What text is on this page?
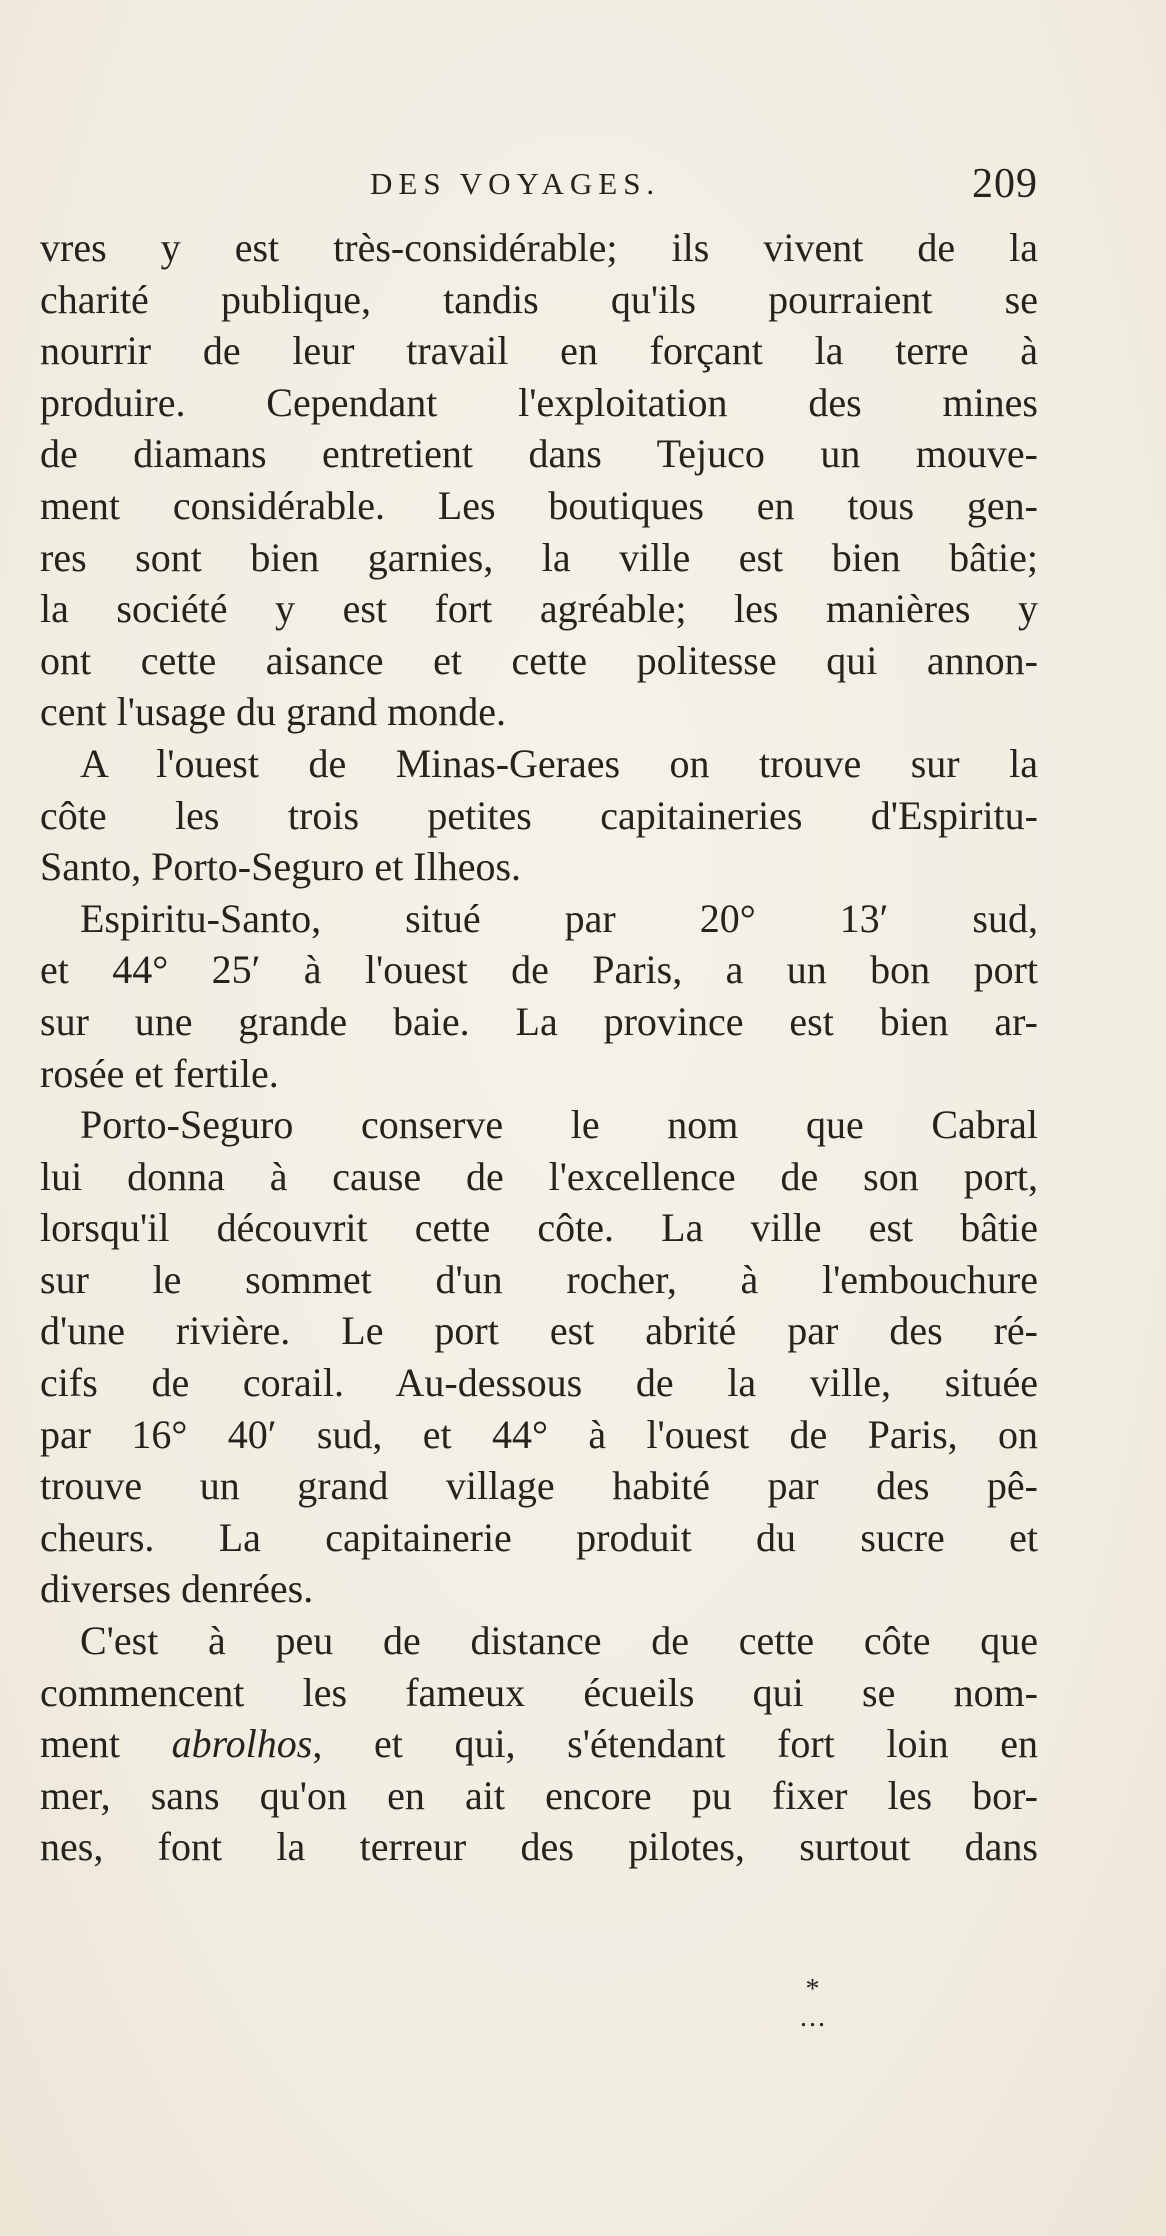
DES VOYAGES.	209
vres y est très-considérable; ils vivent de la
charité publique, tandis qu'ils pourraient se
nourrir de leur travail en forçant la terre à
produire. Cependant l'exploitation des mines
de diamans entretient dans Tejuco un mouve-
ment considérable. Les boutiques en tous gen-
res sont bien garnies, la ville est bien bâtie;
la société y est fort agréable; les manières y
ont cette aisance et cette politesse qui annon-
cent l'usage du grand monde.
A l'ouest de Minas-Geraes on trouve sur la
côte les trois petites capitaineries d'Espiritu-
Santo, Porto-Seguro et Ilheos.
Espiritu-Santo, situé par 20° 13′ sud,
et 44° 25′ à l'ouest de Paris, a un bon port
sur une grande baie. La province est bien ar-
rosée et fertile.
Porto-Seguro conserve le nom que Cabral
lui donna à cause de l'excellence de son port,
lorsqu'il découvrit cette côte. La ville est bâtie
sur le sommet d'un rocher, à l'embouchure
d'une rivière. Le port est abrité par des ré-
cifs de corail. Au-dessous de la ville, située
par 16° 40′ sud, et 44° à l'ouest de Paris, on
trouve un grand village habité par des pê-
cheurs. La capitainerie produit du sucre et
diverses denrées.
C'est à peu de distance de cette côte que
commencent les fameux écueils qui se nom-
ment abrolhos, et qui, s'étendant fort loin en
mer, sans qu'on en ait encore pu fixer les bor-
nes, font la terreur des pilotes, surtout dans
*
...
